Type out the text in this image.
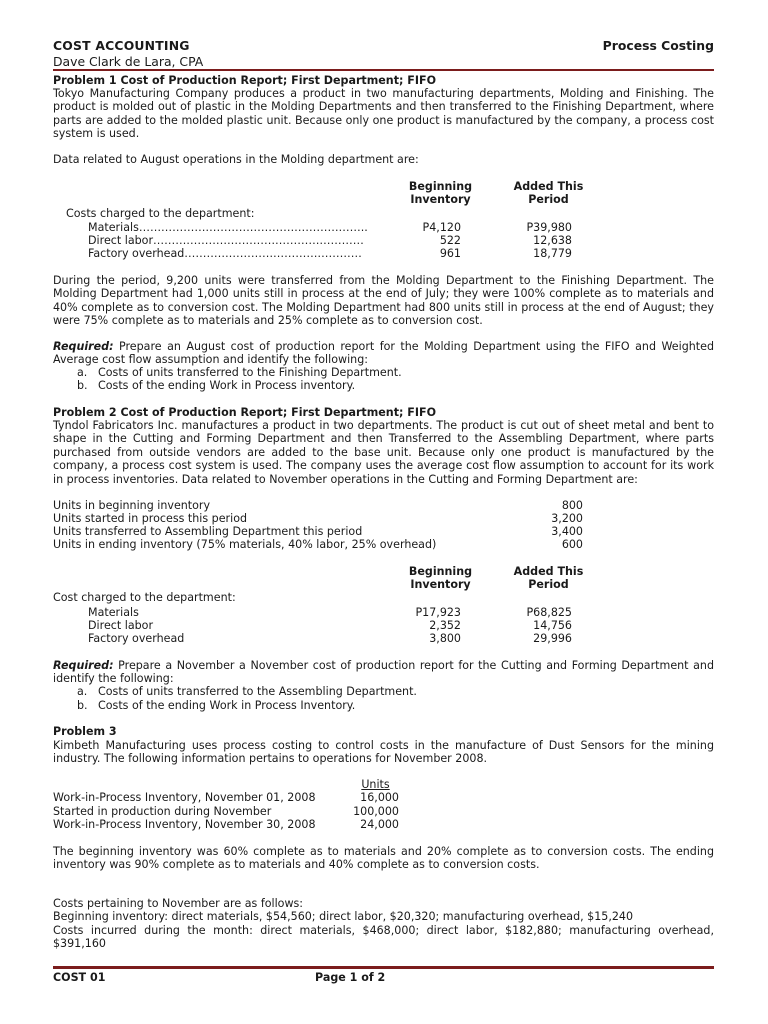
COST ACCOUNTING	Process Costing
Dave Clark de Lara, CPA
Problem 1 Cost of Production Report; First Department; FIFO
Tokyo Manufacturing Company produces a product in two manufacturing departments, Molding and Finishing. The product is molded out of plastic in the Molding Departments and then transferred to the Finishing Department, where parts are added to the molded plastic unit. Because only one product is manufactured by the company, a process cost system is used.
Data related to August operations in the Molding department are:
Beginning
Inventory
Added This
Period
Costs charged to the department:
Materials……………………………………………………..	P4,120	P39,980
Direct labor…………………………………………………	522	12,638
Factory overhead…………………………………………	961	18,779
During the period, 9,200 units were transferred from the Molding Department to the Finishing Department. The Molding Department had 1,000 units still in process at the end of July; they were 100% complete as to materials and 40% complete as to conversion cost. The Molding Department had 800 units still in process at the end of August; they were 75% complete as to materials and 25% complete as to conversion cost.
Required: Prepare an August cost of production report for the Molding Department using the FIFO and Weighted Average cost flow assumption and identify the following:
a. Costs of units transferred to the Finishing Department.
b. Costs of the ending Work in Process inventory.
Problem 2 Cost of Production Report; First Department; FIFO
Tyndol Fabricators Inc. manufactures a product in two departments. The product is cut out of sheet metal and bent to shape in the Cutting and Forming Department and then Transferred to the Assembling Department, where parts purchased from outside vendors are added to the base unit. Because only one product is manufactured by the company, a process cost system is used. The company uses the average cost flow assumption to account for its work in process inventories. Data related to November operations in the Cutting and Forming Department are:
Units in beginning inventory	800
Units started in process this period	3,200
Units transferred to Assembling Department this period	3,400
Units in ending inventory (75% materials, 40% labor, 25% overhead)	600
Beginning
Inventory
Added This
Period
Cost charged to the department:
Materials	P17,923	P68,825
Direct labor	2,352	14,756
Factory overhead	3,800	29,996
Required: Prepare a November a November cost of production report for the Cutting and Forming Department and identify the following:
a. Costs of units transferred to the Assembling Department.
b. Costs of the ending Work in Process Inventory.
Problem 3
Kimbeth Manufacturing uses process costing to control costs in the manufacture of Dust Sensors for the mining industry. The following information pertains to operations for November 2008.
Units
Work-in-Process Inventory, November 01, 2008	16,000
Started in production during November	100,000
Work-in-Process Inventory, November 30, 2008	24,000
The beginning inventory was 60% complete as to materials and 20% complete as to conversion costs. The ending inventory was 90% complete as to materials and 40% complete as to conversion costs.
Costs pertaining to November are as follows:
Beginning inventory: direct materials, $54,560; direct labor, $20,320; manufacturing overhead, $15,240
Costs incurred during the month: direct materials, $468,000; direct labor, $182,880; manufacturing overhead, $391,160
COST 01	Page 1 of 2
